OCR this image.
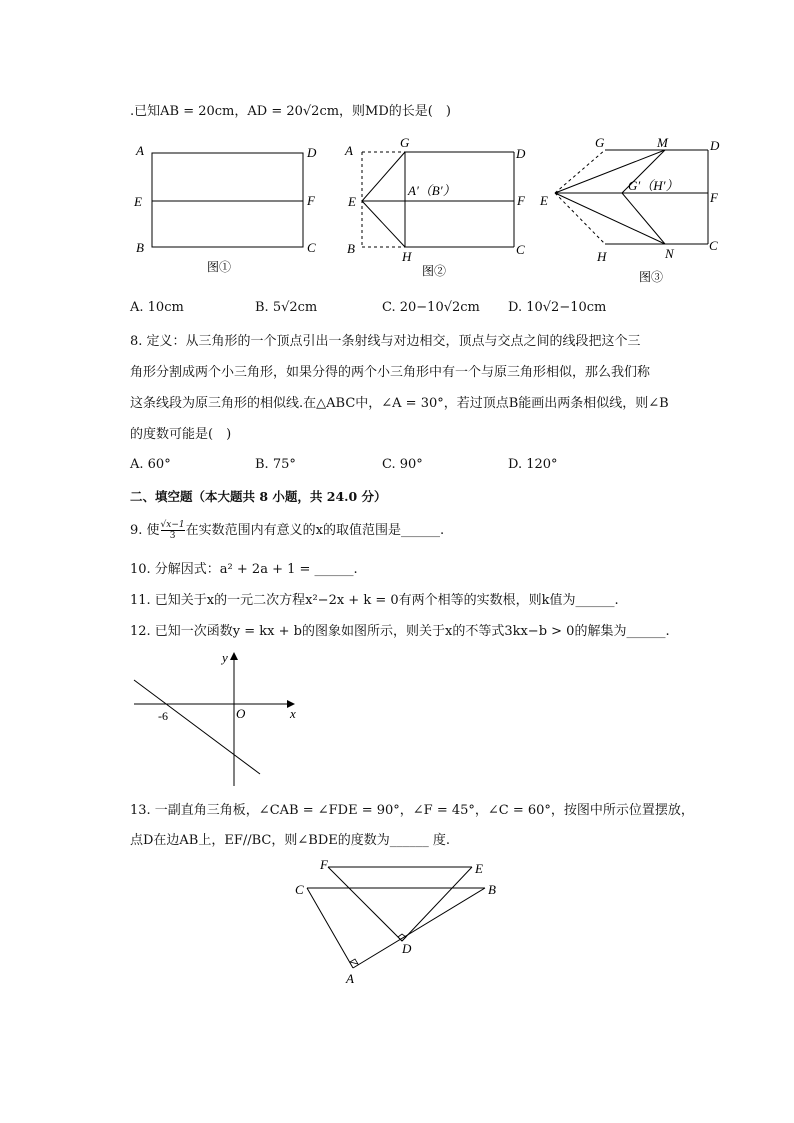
.已知AB = 20cm，AD = 20√2cm，则MD的长是(　)
A	D
E	F
B	C
图①
A
G
D
E	F
B
H	C
A′（B′）
图②
G	M	D
E	F
H	N
C
G′（H′）
图③
A. 10cm	B. 5√2cm	C. 20−10√2cm D. 10√2−10cm
8. 定义：从三角形的一个顶点引出一条射线与对边相交，顶点与交点之间的线段把这个三
角形分割成两个小三角形，如果分得的两个小三角形中有一个与原三角形相似，那么我们称
这条线段为原三角形的相似线.在△ABC中，∠A = 30°，若过顶点B能画出两条相似线，则∠B
的度数可能是(　)
A. 60°	B. 75°	C. 90°	D. 120°
二、填空题（本大题共 8 小题，共 24.0 分）
9. 使 $\frac{√x-1}{3}$ 在实数范围内有意义的x的取值范围是______.
10. 分解因式：a² + 2a + 1 = ______.
11. 已知关于x的一元二次方程x²−2x + k = 0有两个相等的实数根，则k值为______.
12. 已知一次函数y = kx + b的图象如图所示，则关于x的不等式3kx−b > 0的解集为______.
y
x
O
-6
13. 一副直角三角板，∠CAB = ∠FDE = 90°，∠F = 45°，∠C = 60°，按图中所示位置摆放，
点D在边AB上，EF//BC，则∠BDE的度数为______ 度.
F	E
C	B
D
A
